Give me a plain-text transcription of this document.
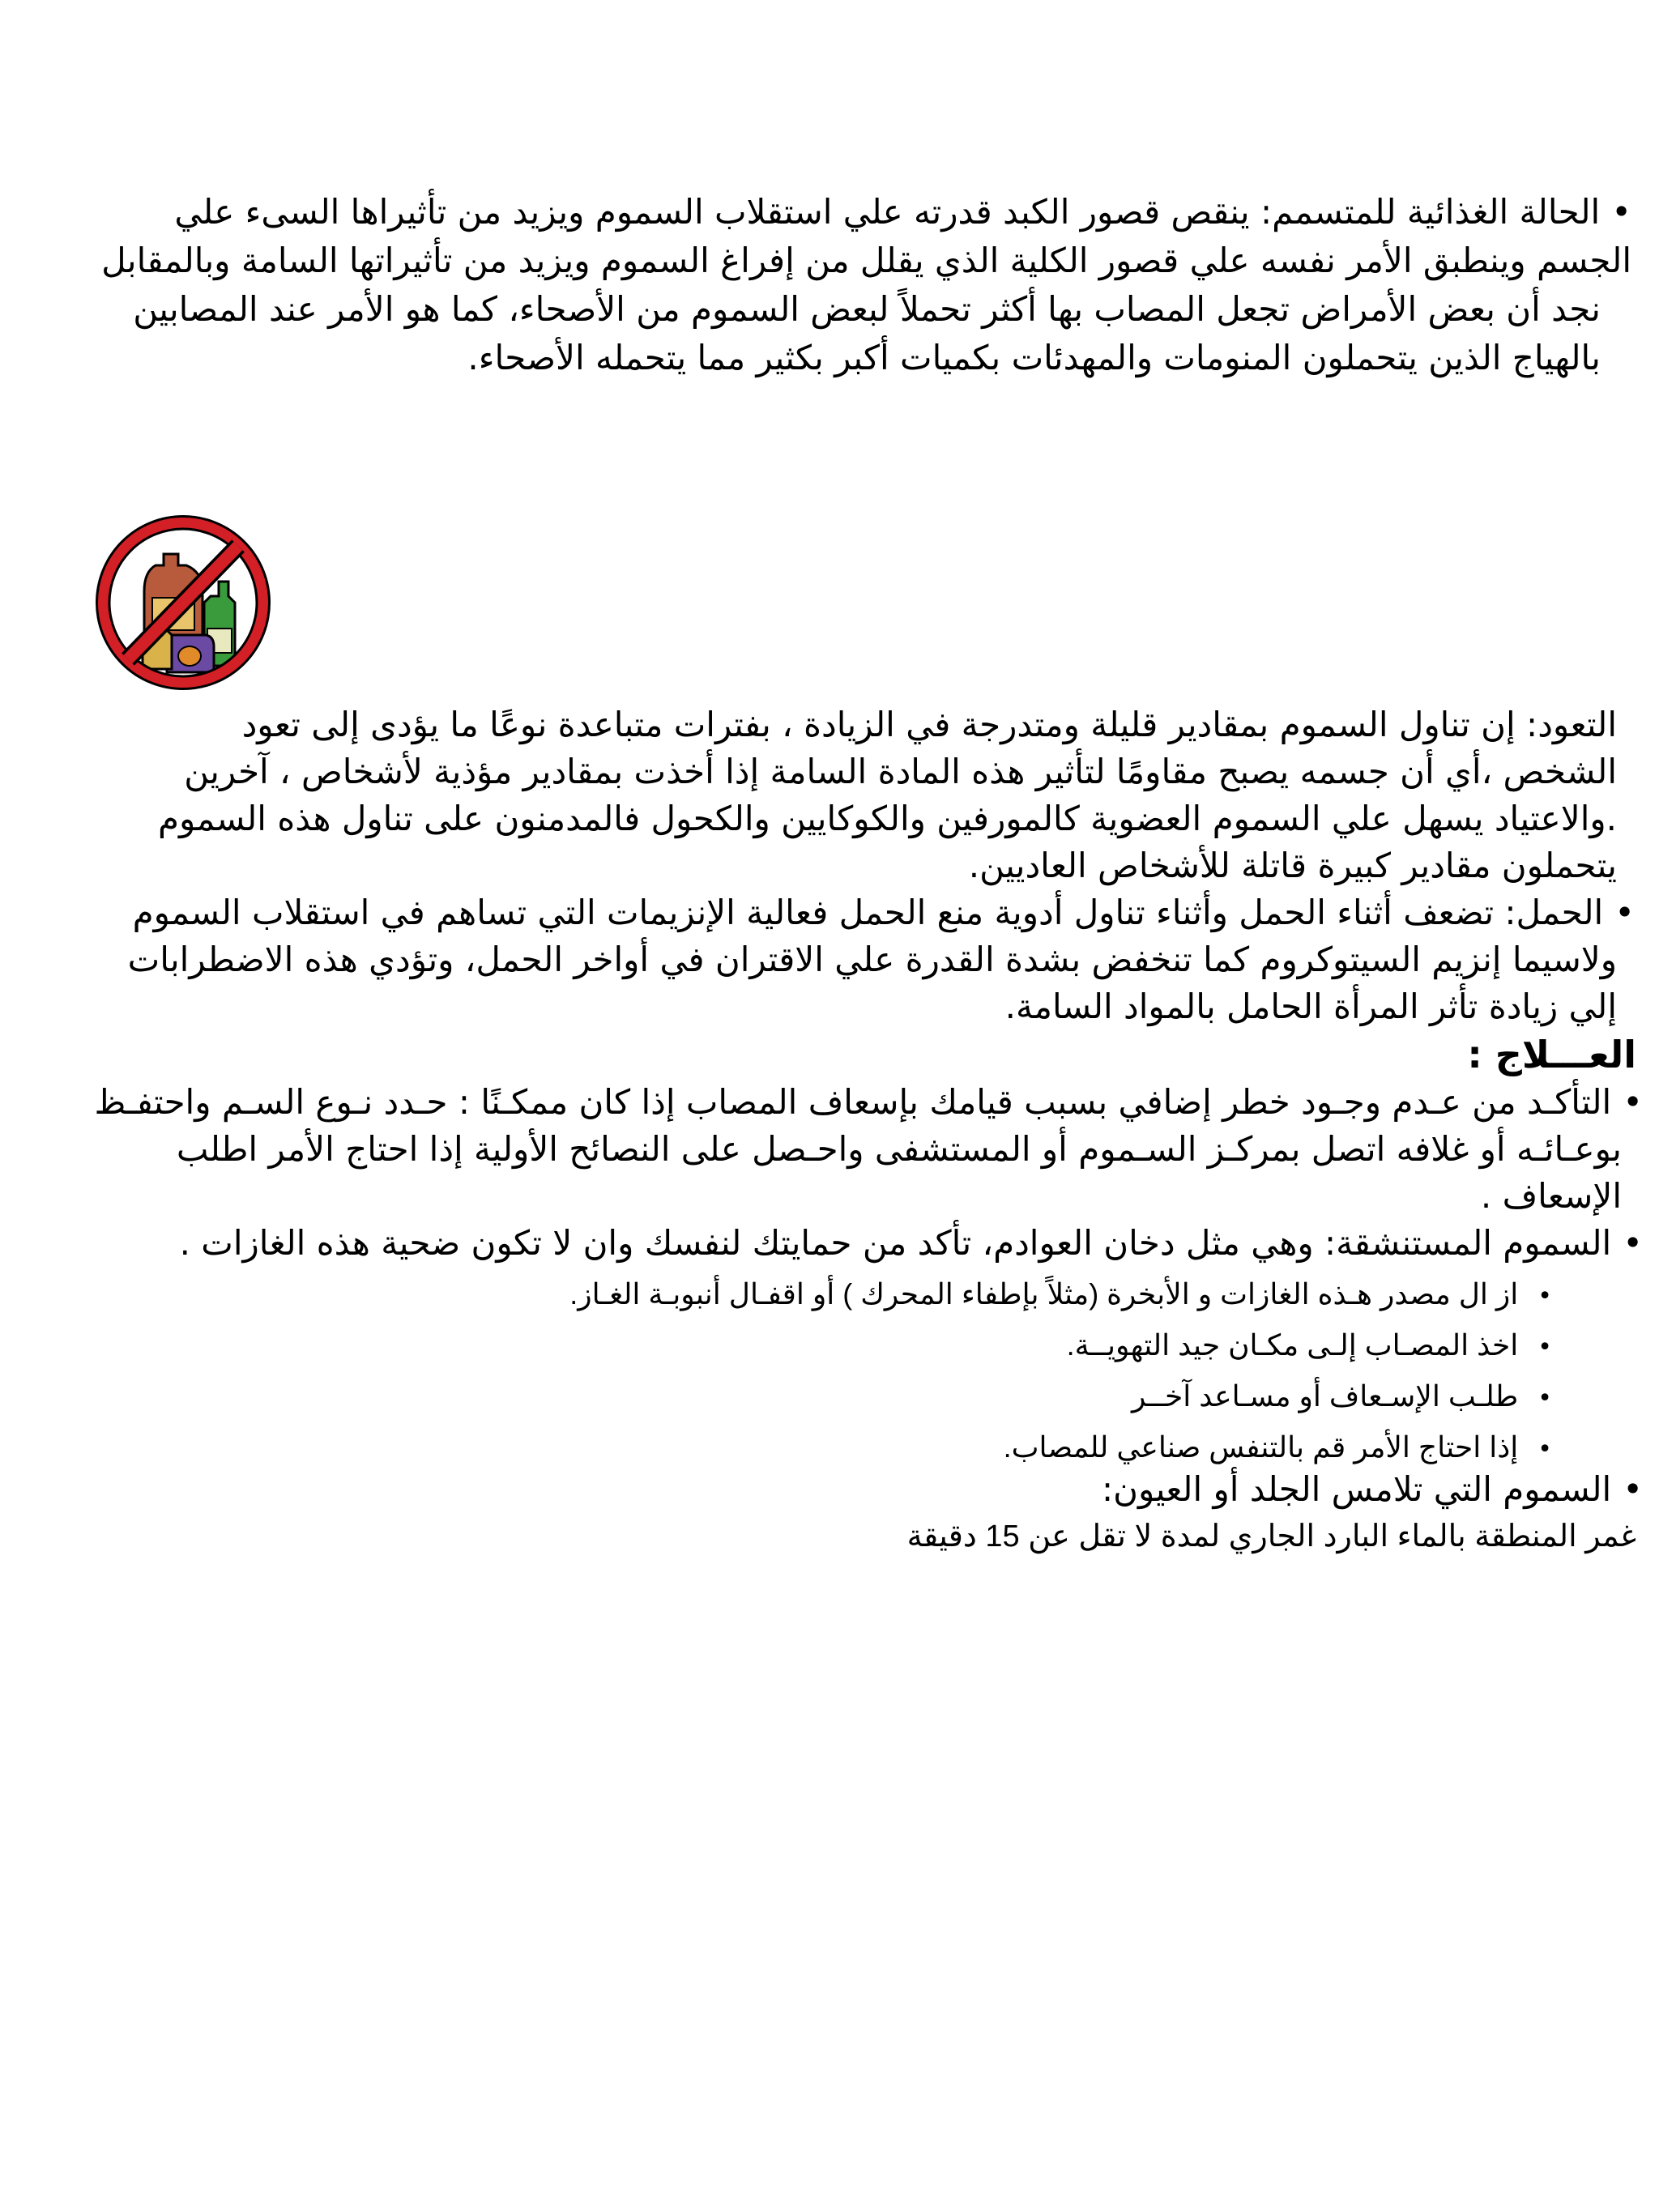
•الحالة الغذائية للمتسمم: ينقص قصور الكبد قدرته علي استقلاب السموم ويزيد من تأثيراها السىء علي
الجسم وينطبق الأمر نفسه علي قصور الكلية الذي يقلل من إفراغ السموم ويزيد من تأثيراتها السامة وبالمقابل
نجد أن بعض الأمراض تجعل المصاب بها أكثر تحملاً لبعض السموم من الأصحاء، كما هو الأمر عند المصابين
بالهياج الذين يتحملون المنومات والمهدئات بكميات أكبر بكثير مما يتحمله الأصحاء.
التعود: إن تناول السموم بمقادير قليلة ومتدرجة في الزيادة ، بفترات متباعدة نوعًا ما يؤدى إلى تعود
الشخص ،أي أن جسمه يصبح مقاومًا لتأثير هذه المادة السامة إذا أخذت بمقادير مؤذية لأشخاص ، آخرين
.والاعتياد يسهل علي السموم العضوية كالمورفين والكوكايين والكحول فالمدمنون على تناول هذه السموم
يتحملون مقادير كبيرة قاتلة للأشخاص العاديين.
•الحمل: تضعف أثناء الحمل وأثناء تناول أدوية منع الحمل فعالية الإنزيمات التي تساهم في استقلاب السموم
ولاسيما إنزيم السيتوكروم كما تنخفض بشدة القدرة علي الاقتران في أواخر الحمل، وتؤدي هذه الاضطرابات
إلي زيادة تأثر المرأة الحامل بالمواد السامة.
العـــلاج :
•التأكـد من عـدم وجـود خطر إضافي بسبب قيامك بإسعاف المصاب إذا كان ممكـنًا : حـدد نـوع السـم واحتفـظ
بوعـائـه أو غلافه اتصل بمركـز السـموم أو المستشفى واحـصل على النصائح الأولية إذا احتاج الأمر اطلب
الإسعاف .
•السموم المستنشقة: وهي مثل دخان العوادم، تأكد من حمايتك لنفسك وان لا تكون ضحية هذه الغازات .
•از ال مصدر هـذه الغازات و الأبخرة (مثلاً بإطفاء المحرك ) أو اقفـال أنبوبـة الغـاز.
•اخذ المصـاب إلـى مكـان جيد التهويــة.
•طلـب الإسـعاف أو مسـاعد آخــر
•إذا احتاج الأمر قم بالتنفس صناعي للمصاب.
•السموم التي تلامس الجلد أو العيون:
غمر المنطقة بالماء البارد الجاري لمدة لا تقل عن 15 دقيقة
